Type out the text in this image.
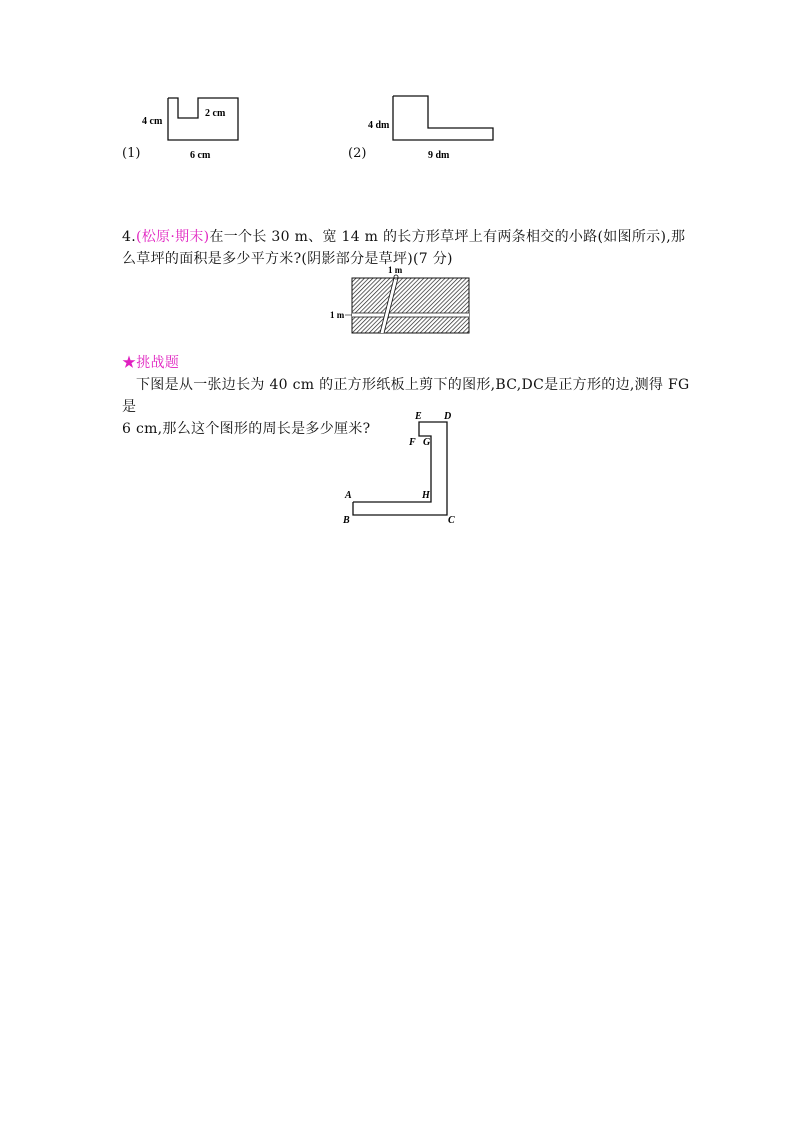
4 cm
2 cm
6 cm
(1)
4 dm
9 dm
(2)
4.(松原·期末)在一个长 30 m、宽 14 m 的长方形草坪上有两条相交的小路(如图所示),那
么草坪的面积是多少平方米?(阴影部分是草坪)(7 分)
1 m
1 m
★挑战题
下图是从一张边长为 40 cm 的正方形纸板上剪下的图形,BC,DC是正方形的边,测得 FG 是
6 cm,那么这个图形的周长是多少厘米?
E D
F G
A	H
B	C
